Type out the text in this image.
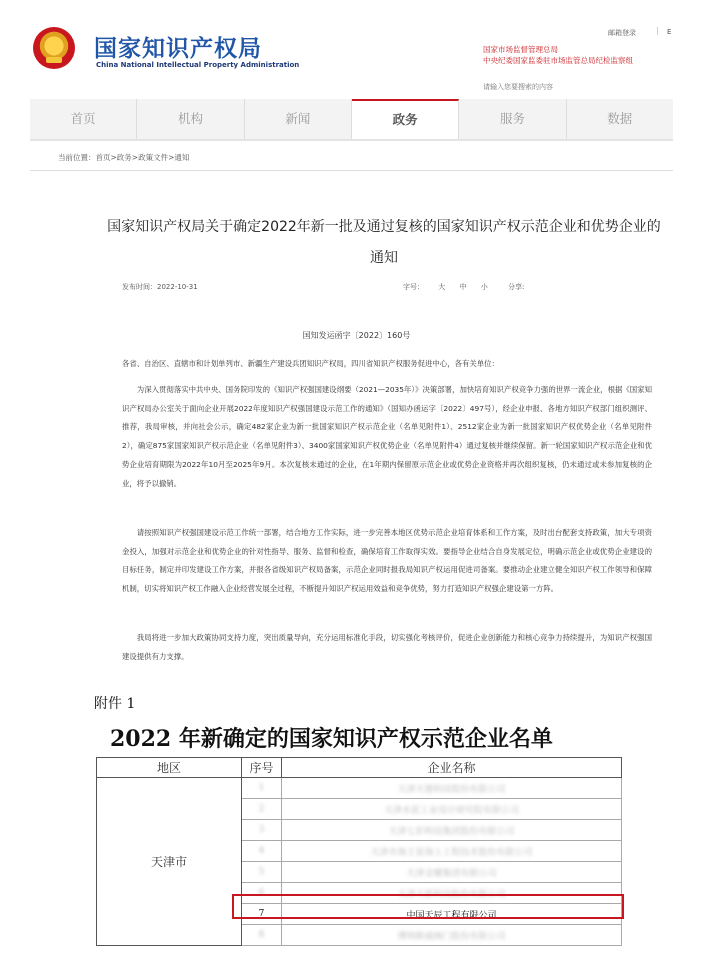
国家知识产权局
China National Intellectual Property Administration
邮箱登录	| E
国家市场监督管理总局
中央纪委国家监委驻市场监管总局纪检监察组
请输入您要搜索的内容
首页	机构	新闻	政务	服务	数据
当前位置：首页>政务>政策文件>通知
国家知识产权局关于确定2022年新一批及通过复核的国家知识产权示范企业和优势企业的通知
发布时间：2022-10-31	字号： 大 中 小	分享:
国知发运函字〔2022〕160号
各省、自治区、直辖市和计划单列市、新疆生产建设兵团知识产权局，四川省知识产权服务促进中心，各有关单位：
为深入贯彻落实中共中央、国务院印发的《知识产权强国建设纲要（2021—2035年）》决策部署，加快培育知识产权竞争力强的世界一流企业，根据《国家知识产权局办公室关于面向企业开展2022年度知识产权强国建设示范工作的通知》（国知办函运字〔2022〕497号），经企业申报、各地方知识产权部门组织测评、推荐，我局审核，并向社会公示，确定482家企业为新一批国家知识产权示范企业（名单见附件1）、2512家企业为新一批国家知识产权优势企业（名单见附件2），确定875家国家知识产权示范企业（名单见附件3）、3400家国家知识产权优势企业（名单见附件4）通过复核并继续保留。新一轮国家知识产权示范企业和优势企业培育期限为2022年10月至2025年9月。本次复核未通过的企业，在1年期内保留原示范企业或优势企业资格并再次组织复核，仍未通过或未参加复核的企业，将予以撤销。
请按照知识产权强国建设示范工作统一部署，结合地方工作实际，进一步完善本地区优势示范企业培育体系和工作方案，及时出台配套支持政策，加大专项资金投入，加强对示范企业和优势企业的针对性指导、服务、监督和检查，确保培育工作取得实效。要指导企业结合自身发展定位，明确示范企业或优势企业建设的目标任务，制定并印发建设工作方案，并报各省级知识产权局备案，示范企业同时报我局知识产权运用促进司备案。要推动企业建立健全知识产权工作领导和保障机制，切实将知识产权工作融入企业经营发展全过程，不断提升知识产权运用效益和竞争优势，努力打造知识产权强企建设第一方阵。
我局将进一步加大政策协同支持力度，突出质量导向，充分运用标准化手段，切实强化考核评价，促进企业创新能力和核心竞争力持续提升，为知识产权强国建设提供有力支撑。
附件 1
2022 年新确定的国家知识产权示范企业名单
地区	序号	企业名称
天津市	1	天津天德科技股份有限公司
	2	天津水泥工业设计研究院有限公司
	3	天津七彩科技集团股份有限公司
	4	天津市海王星海上工程技术股份有限公司
	5	天津金耀集团有限公司
	6	天津天骄科技股份有限公司
	7	中国天辰工程有限公司
	8	博纳斯威阀门股份有限公司
